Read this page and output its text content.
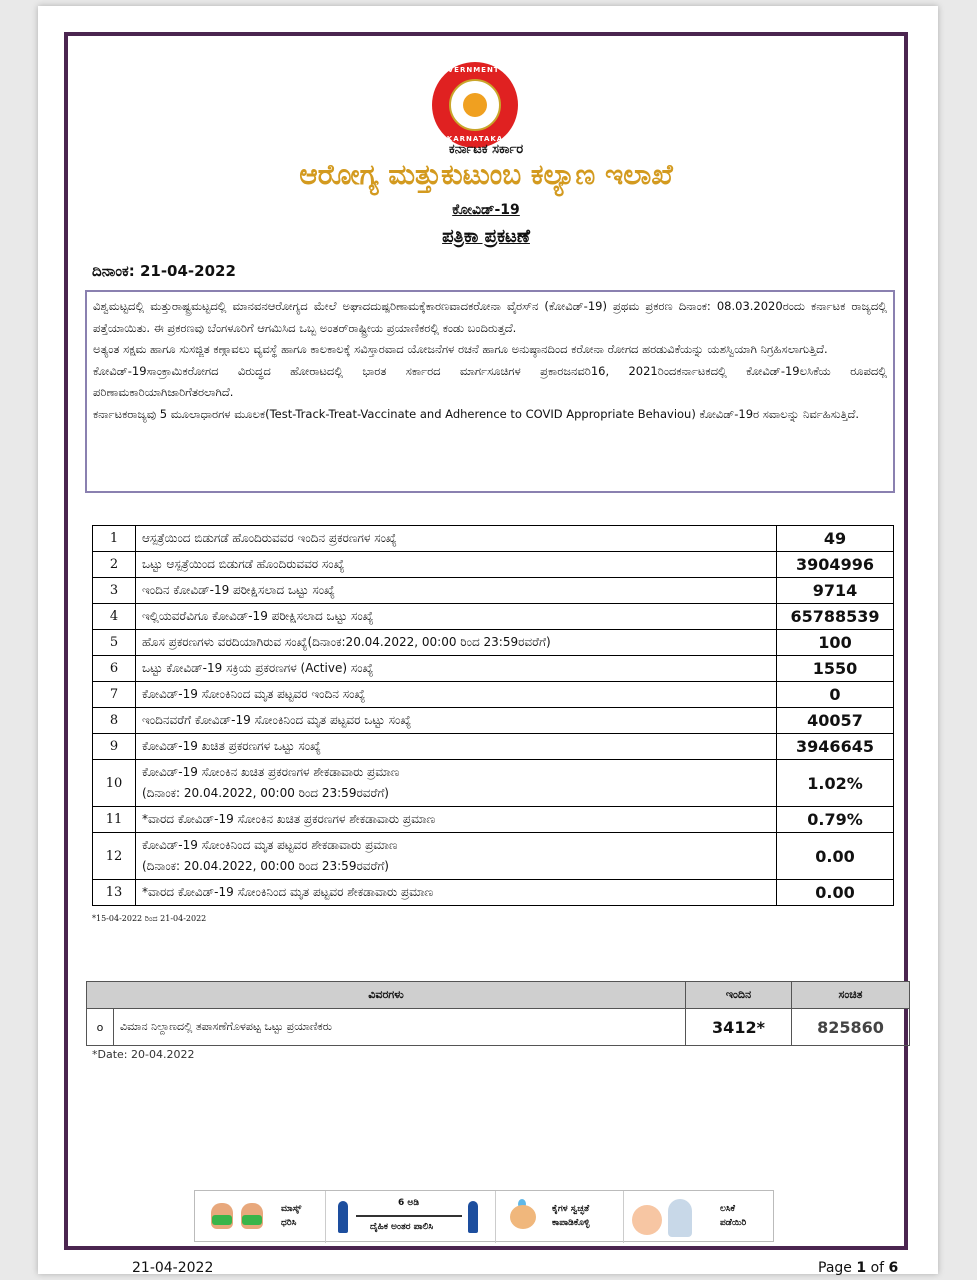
GOVERNMENT OF
KARNATAKA
ಕರ್ನಾಟಕ ಸರ್ಕಾರ
ಆರೋಗ್ಯ ಮತ್ತುಕುಟುಂಬ ಕಲ್ಯಾಣ ಇಲಾಖೆ
ಕೋವಿಡ್-19
ಪತ್ರಿಕಾ ಪ್ರಕಟಣೆ
ದಿನಾಂಕ: 21-04-2022

ವಿಶ್ವಮಟ್ಟದಲ್ಲಿ ಮತ್ತುರಾಷ್ಟ್ರಮಟ್ಟದಲ್ಲಿ ಮಾನವನಆರೋಗ್ಯದ ಮೇಲೆ ಅಘಾದದುಷ್ಪರಿಣಾಮಕ್ಕೆಕಾರಣವಾದಕರೋನಾ ವೈರಸ್‌ನ (ಕೋವಿಡ್-19) ಪ್ರಥಮ ಪ್ರಕರಣ ದಿನಾಂಕ: 08.03.2020ರಂದು ಕರ್ನಾಟಕ ರಾಜ್ಯದಲ್ಲಿ ಪತ್ತೆಯಾಯಿತು. ಈ ಪ್ರಕರಣವು ಬೆಂಗಳೂರಿಗೆ ಆಗಮಿಸಿದ ಒಬ್ಬ ಅಂತರ್‌ರಾಷ್ಟ್ರೀಯ ಪ್ರಯಾಣಿಕರಲ್ಲಿ ಕಂಡು ಬಂದಿರುತ್ತದೆ.

ಅತ್ಯಂತ ಸಕ್ಷಮ ಹಾಗೂ ಸುಸಜ್ಜಿತ ಕಣ್ಗಾವಲು ವ್ಯವಸ್ಥೆ ಹಾಗೂ ಕಾಲಕಾಲಕ್ಕೆ ಸವಿಸ್ತಾರವಾದ ಯೋಜನೆಗಳ ರಚನೆ ಹಾಗೂ ಅನುಷ್ಠಾನದಿಂದ ಕರೋನಾ ರೋಗದ ಹರಡುವಿಕೆಯನ್ನು ಯಶಸ್ವಿಯಾಗಿ ನಿಗ್ರಹಿಸಲಾಗುತ್ತಿದೆ.

ಕೋವಿಡ್-19ಸಾಂಕ್ರಾಮಿಕರೋಗದ ವಿರುದ್ಧದ ಹೋರಾಟದಲ್ಲಿ ಭಾರತ ಸರ್ಕಾರದ ಮಾರ್ಗಸೂಚಿಗಳ ಪ್ರಕಾರಜನವರಿ16, 2021ರಿಂದಕರ್ನಾಟಕದಲ್ಲಿ ಕೋವಿಡ್-19ಲಸಿಕೆಯ ರೂಪದಲ್ಲಿ ಪರಿಣಾಮಕಾರಿಯಾಗಿಜಾರಿಗೆತರಲಾಗಿದೆ.

ಕರ್ನಾಟಕರಾಜ್ಯವು 5 ಮೂಲಾಧಾರಗಳ ಮೂಲಕ(Test-Track-Treat-Vaccinate and Adherence to COVID Appropriate Behaviou) ಕೋವಿಡ್-19ರ ಸವಾಲನ್ನು ನಿರ್ವಹಿಸುತ್ತಿದೆ.

1	ಆಸ್ಪತ್ರೆಯಿಂದ ಬಿಡುಗಡೆ ಹೊಂದಿರುವವರ ಇಂದಿನ ಪ್ರಕರಣಗಳ ಸಂಖ್ಯೆ	49
2	ಒಟ್ಟು ಆಸ್ಪತ್ರೆಯಿಂದ ಬಿಡುಗಡೆ ಹೊಂದಿರುವವರ ಸಂಖ್ಯೆ	3904996
3	ಇಂದಿನ ಕೋವಿಡ್-19 ಪರೀಕ್ಷಿಸಲಾದ ಒಟ್ಟು ಸಂಖ್ಯೆ	9714
4	ಇಲ್ಲಿಯವರೆವಿಗೂ ಕೋವಿಡ್-19 ಪರೀಕ್ಷಿಸಲಾದ ಒಟ್ಟು ಸಂಖ್ಯೆ	65788539
5	ಹೊಸ ಪ್ರಕರಣಗಳು ವರದಿಯಾಗಿರುವ ಸಂಖ್ಯೆ(ದಿನಾಂಕ:20.04.2022, 00:00 ರಿಂದ 23:59ರವರೆಗೆ)	100
6	ಒಟ್ಟು ಕೋವಿಡ್-19 ಸಕ್ರಿಯ ಪ್ರಕರಣಗಳ (Active) ಸಂಖ್ಯೆ	1550
7	ಕೋವಿಡ್-19 ಸೋಂಕಿನಿಂದ ಮೃತ ಪಟ್ಟವರ ಇಂದಿನ ಸಂಖ್ಯೆ	0
8	ಇಂದಿನವರೆಗೆ ಕೋವಿಡ್-19 ಸೋಂಕಿನಿಂದ ಮೃತ ಪಟ್ಟವರ ಒಟ್ಟು ಸಂಖ್ಯೆ	40057
9	ಕೋವಿಡ್-19 ಖಚಿತ ಪ್ರಕರಣಗಳ ಒಟ್ಟು ಸಂಖ್ಯೆ	3946645
10	ಕೋವಿಡ್-19 ಸೋಂಕಿನ ಖಚಿತ ಪ್ರಕರಣಗಳ ಶೇಕಡಾವಾರು ಪ್ರಮಾಣ
(ದಿನಾಂಕ: 20.04.2022, 00:00 ರಿಂದ 23:59ರವರೆಗೆ)	1.02%
11	*ವಾರದ ಕೋವಿಡ್-19 ಸೋಂಕಿನ ಖಚಿತ ಪ್ರಕರಣಗಳ ಶೇಕಡಾವಾರು ಪ್ರಮಾಣ	0.79%
12	ಕೋವಿಡ್-19 ಸೋಂಕಿನಿಂದ ಮೃತ ಪಟ್ಟವರ ಶೇಕಡಾವಾರು ಪ್ರಮಾಣ
(ದಿನಾಂಕ: 20.04.2022, 00:00 ರಿಂದ 23:59ರವರೆಗೆ)	0.00
13	*ವಾರದ ಕೋವಿಡ್-19 ಸೋಂಕಿನಿಂದ ಮೃತ ಪಟ್ಟವರ ಶೇಕಡಾವಾರು ಪ್ರಮಾಣ	0.00
*15-04-2022 ರಿಂದ 21-04-2022
ವಿವರಗಳು		ಇಂದಿನ	ಸಂಚಿತ
o	ವಿಮಾನ ನಿಲ್ದಾಣದಲ್ಲಿ ತಪಾಸಣೆಗೊಳಪಟ್ಟ ಒಟ್ಟು ಪ್ರಯಾಣಿಕರು	3412*	825860
*Date: 20-04.2022
ಮಾಸ್ಕ್
ಧರಿಸಿ
6 ಅಡಿ
ದೈಹಿಕ ಅಂತರ ಪಾಲಿಸಿ
ಕೈಗಳ ಸ್ವಚ್ಛತೆ
ಕಾಪಾಡಿಕೊಳ್ಳಿ
ಲಸಿಕೆ
ಪಡೆಯಿರಿ
21-04-2022	Page 1 of 6
